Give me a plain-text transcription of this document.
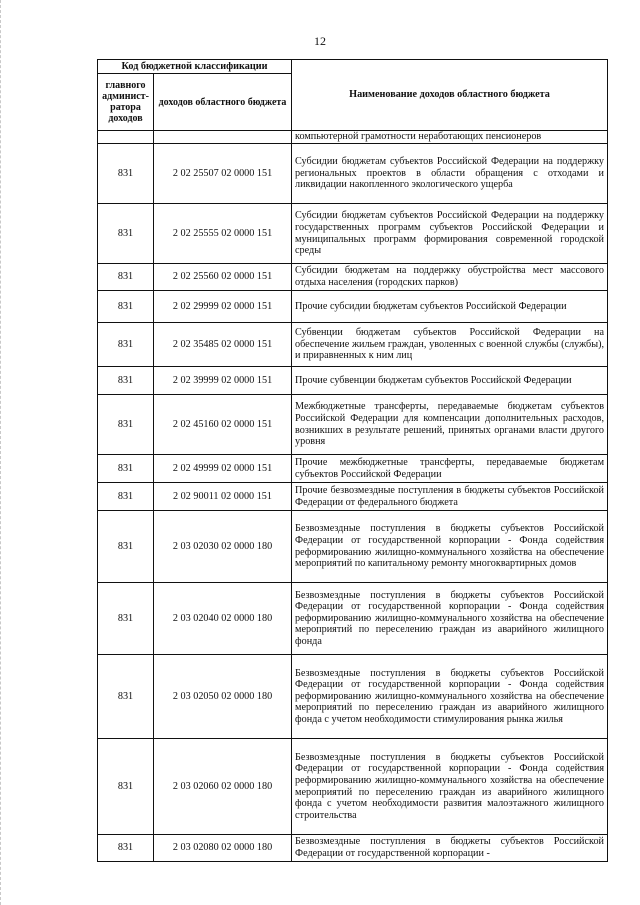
12
Код бюджетной классификации		Наименование доходов областного бюджета
главного админист-ратора доходов	доходов областного бюджета	
		компьютерной грамотности неработающих пенсионеров
831	2 02 25507 02 0000 151	Субсидии бюджетам субъектов Российской Федерации на поддержку региональных проектов в области обращения с отходами и ликвидации накопленного экологического ущерба
831	2 02 25555 02 0000 151	Субсидии бюджетам субъектов Российской Федерации на поддержку государственных программ субъектов Российской Федерации и муниципальных программ формирования современной городской среды
831	2 02 25560 02 0000 151	Субсидии бюджетам на поддержку обустройства мест массового отдыха населения (городских парков)
831	2 02 29999 02 0000 151	Прочие субсидии бюджетам субъектов Российской Федерации
831	2 02 35485 02 0000 151	Субвенции бюджетам субъектов Российской Федерации на обеспечение жильем граждан, уволенных с военной службы (службы), и приравненных к ним лиц
831	2 02 39999 02 0000 151	Прочие субвенции бюджетам субъектов Российской Федерации
831	2 02 45160 02 0000 151	Межбюджетные трансферты, передаваемые бюджетам субъектов Российской Федерации для компенсации дополнительных расходов, возникших в результате решений, принятых органами власти другого уровня
831	2 02 49999 02 0000 151	Прочие межбюджетные трансферты, передаваемые бюджетам субъектов Российской Федерации
831	2 02 90011 02 0000 151	Прочие безвозмездные поступления в бюджеты субъектов Российской Федерации от федерального бюджета
831	2 03 02030 02 0000 180	Безвозмездные поступления в бюджеты субъектов Российской Федерации от государственной корпорации - Фонда содействия реформированию жилищно-коммунального хозяйства на обеспечение мероприятий по капитальному ремонту многоквартирных домов
831	2 03 02040 02 0000 180	Безвозмездные поступления в бюджеты субъектов Российской Федерации от государственной корпорации - Фонда содействия реформированию жилищно-коммунального хозяйства на обеспечение мероприятий по переселению граждан из аварийного жилищного фонда
831	2 03 02050 02 0000 180	Безвозмездные поступления в бюджеты субъектов Российской Федерации от государственной корпорации - Фонда содействия реформированию жилищно-коммунального хозяйства на обеспечение мероприятий по переселению граждан из аварийного жилищного фонда с учетом необходимости стимулирования рынка жилья
831	2 03 02060 02 0000 180	Безвозмездные поступления в бюджеты субъектов Российской Федерации от государственной корпорации - Фонда содействия реформированию жилищно-коммунального хозяйства на обеспечение мероприятий по переселению граждан из аварийного жилищного фонда с учетом необходимости развития малоэтажного жилищного строительства
831	2 03 02080 02 0000 180	Безвозмездные поступления в бюджеты субъектов Российской Федерации от государственной корпорации -
